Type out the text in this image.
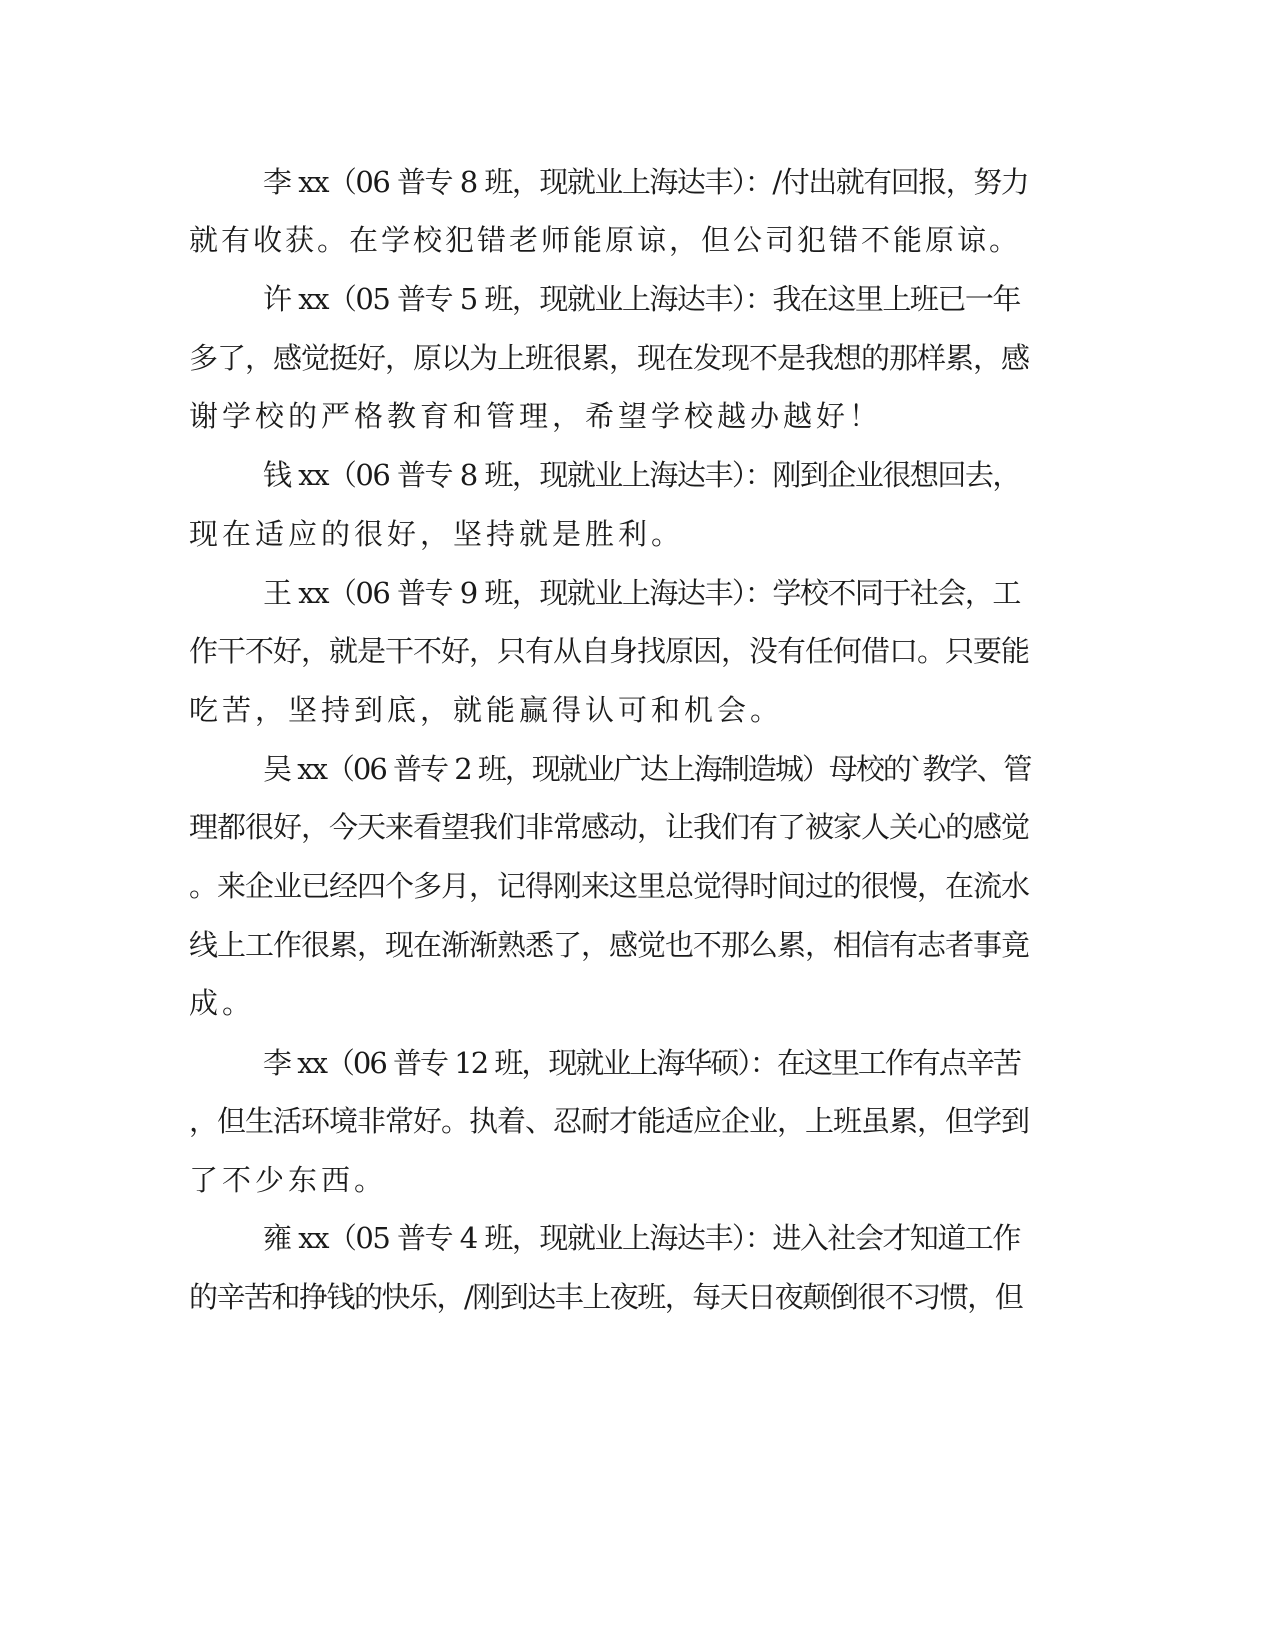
李 xx（06 普专 8 班，现就业上海达丰）：/付出就有回报，努力
就有收获。在学校犯错老师能原谅，但公司犯错不能原谅。
许 xx（05 普专 5 班，现就业上海达丰）：我在这里上班已一年
多了，感觉挺好，原以为上班很累，现在发现不是我想的那样累，感
谢学校的严格教育和管理，希望学校越办越好！
钱 xx（06 普专 8 班，现就业上海达丰）：刚到企业很想回去，
现在适应的很好，坚持就是胜利。
王 xx（06 普专 9 班，现就业上海达丰）：学校不同于社会，工
作干不好，就是干不好，只有从自身找原因，没有任何借口。只要能
吃苦，坚持到底，就能赢得认可和机会。
吴 xx（06 普专 2 班，现就业广达上海制造城）母校的`教学、管
理都很好，今天来看望我们非常感动，让我们有了被家人关心的感觉
。来企业已经四个多月，记得刚来这里总觉得时间过的很慢，在流水
线上工作很累，现在渐渐熟悉了，感觉也不那么累，相信有志者事竟
成。
李 xx（06 普专 12 班，现就业上海华硕）：在这里工作有点辛苦
，但生活环境非常好。执着、忍耐才能适应企业，上班虽累，但学到
了不少东西。
雍 xx（05 普专 4 班，现就业上海达丰）：进入社会才知道工作
的辛苦和挣钱的快乐，/刚到达丰上夜班，每天日夜颠倒很不习惯，但
